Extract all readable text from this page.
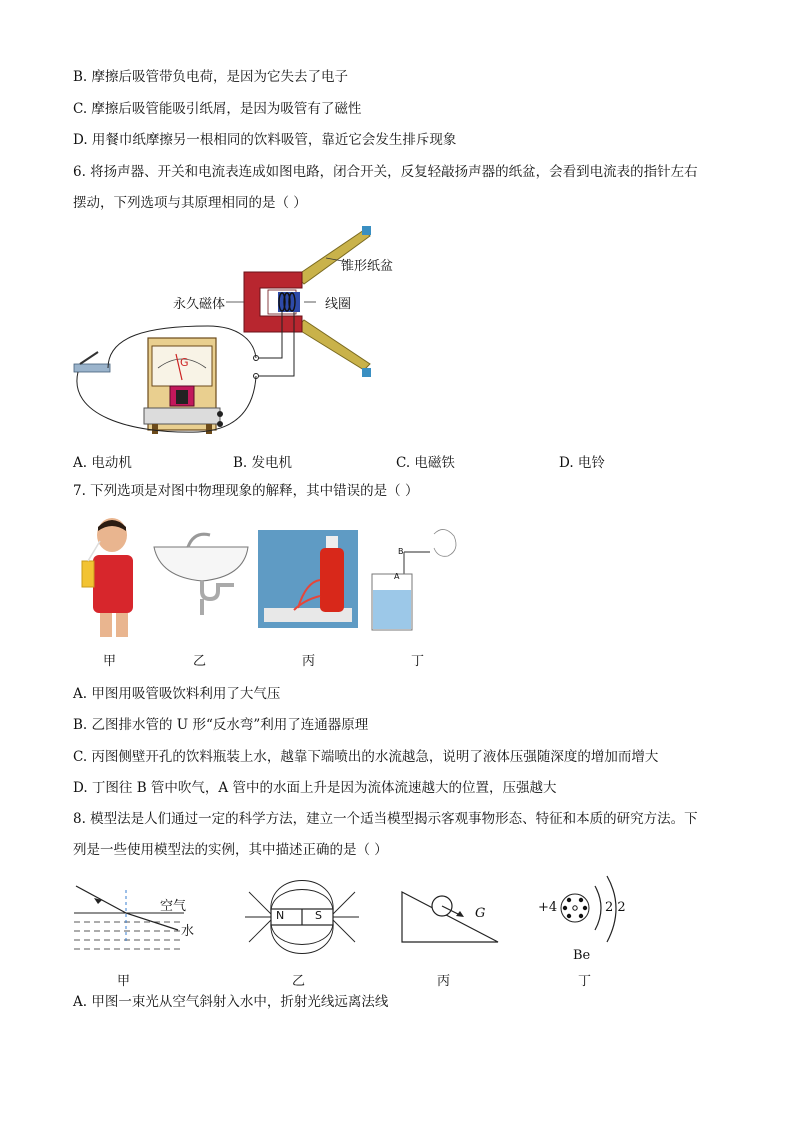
B. 摩擦后吸管带负电荷，是因为它失去了电子
C. 摩擦后吸管能吸引纸屑，是因为吸管有了磁性
D. 用餐巾纸摩擦另一根相同的饮料吸管，靠近它会发生排斥现象
6. 将扬声器、开关和电流表连成如图电路，闭合开关，反复轻敲扬声器的纸盆，会看到电流表的指针左右
摆动，下列选项与其原理相同的是（ ）
锥形纸盆
永久磁体	线圈
G
A. 电动机	B. 发电机	C. 电磁铁	D. 电铃
7. 下列选项是对图中物理现象的解释，其中错误的是（ ）
B
A
甲	乙	丙	丁
A. 甲图用吸管吸饮料利用了大气压
B. 乙图排水管的 U 形“反水弯”利用了连通器原理
C. 丙图侧壁开孔的饮料瓶装上水，越靠下端喷出的水流越急，说明了液体压强随深度的增加而增大
D. 丁图往 B 管中吹气，A 管中的水面上升是因为流体流速越大的位置，压强越大
8. 模型法是人们通过一定的科学方法，建立一个适当模型揭示客观事物形态、特征和本质的研究方法。下
列是一些使用模型法的实例，其中描述正确的是（ ）
空气
水
N	S	G	+4	2 2
Be
甲	乙	丙	丁
A. 甲图一束光从空气斜射入水中，折射光线远离法线
